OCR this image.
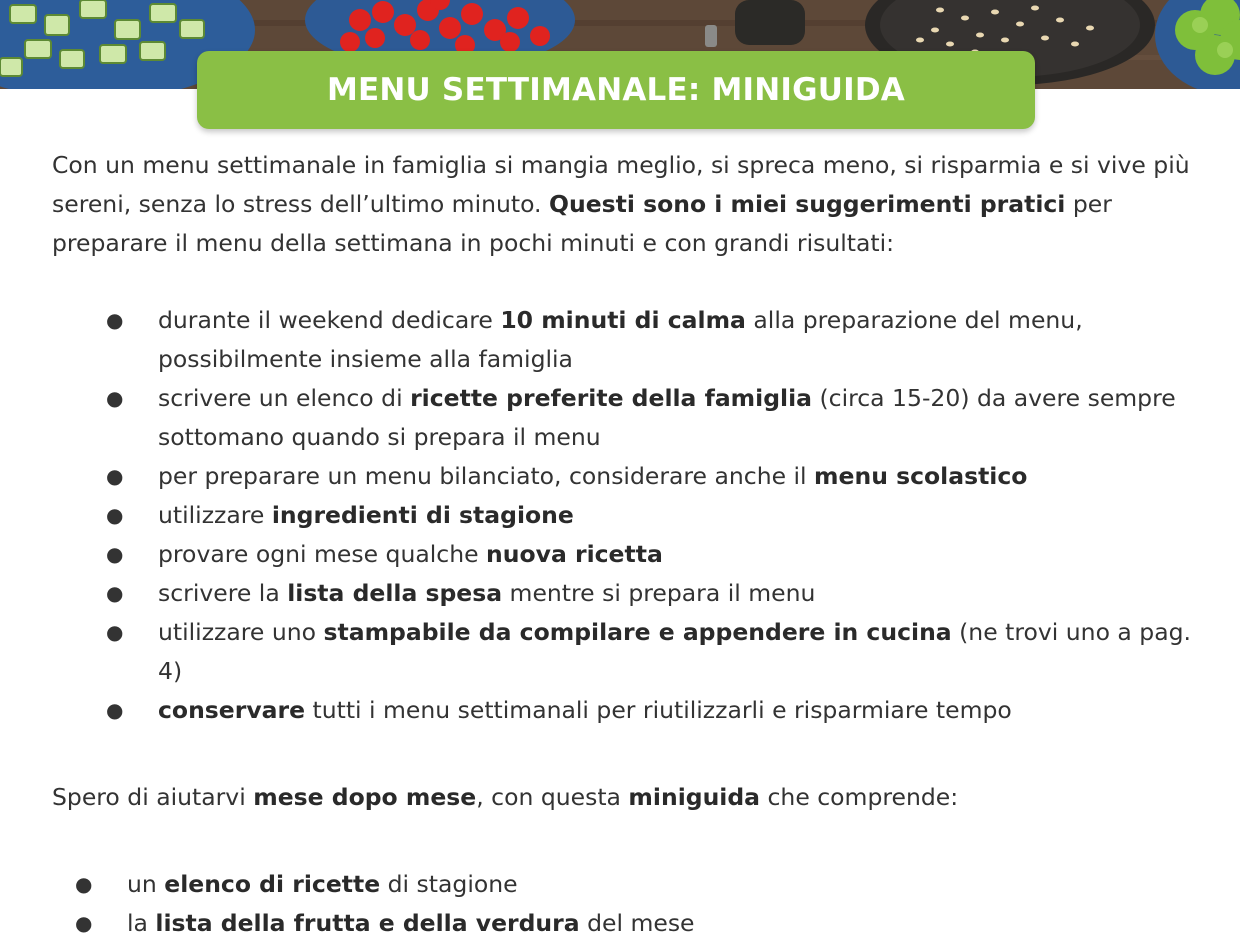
MENU SETTIMANALE: MINIGUIDA

Con un menu settimanale in famiglia si mangia meglio, si spreca meno, si risparmia e si vive più sereni, senza lo stress dell’ultimo minuto. Questi sono i miei suggerimenti pratici per preparare il menu della settimana in pochi minuti e con grandi risultati:

● durante il weekend dedicare 10 minuti di calma alla preparazione del menu, possibilmente insieme alla famiglia
● scrivere un elenco di ricette preferite della famiglia (circa 15-20) da avere sempre sottomano quando si prepara il menu
● per preparare un menu bilanciato, considerare anche il menu scolastico
● utilizzare ingredienti di stagione
● provare ogni mese qualche nuova ricetta
● scrivere la lista della spesa mentre si prepara il menu
● utilizzare uno stampabile da compilare e appendere in cucina (ne trovi uno a pag. 4)
● conservare tutti i menu settimanali per riutilizzarli e risparmiare tempo

Spero di aiutarvi mese dopo mese, con questa miniguida che comprende:

● un elenco di ricette di stagione
● la lista della frutta e della verdura del mese
